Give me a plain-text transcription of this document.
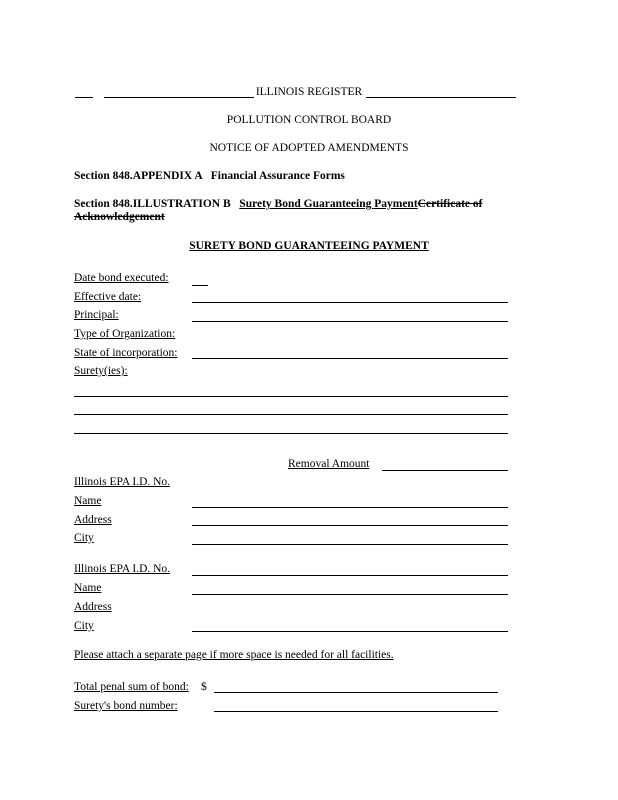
ILLINOIS REGISTER
POLLUTION CONTROL BOARD
NOTICE OF ADOPTED AMENDMENTS
Section 848.APPENDIX A   Financial Assurance Forms
Section 848.ILLUSTRATION B Surety Bond Guaranteeing PaymentCertificate of
Acknowledgement
SURETY BOND GUARANTEEING PAYMENT
Date bond executed:
Effective date:
Principal:
Type of Organization:
State of incorporation:
Surety(ies):
Removal Amount
Illinois EPA I.D. No.
Name
Address
City
Illinois EPA I.D. No.
Name
Address
City
Please attach a separate page if more space is needed for all facilities.
Total penal sum of bond: $
Surety's bond number:
